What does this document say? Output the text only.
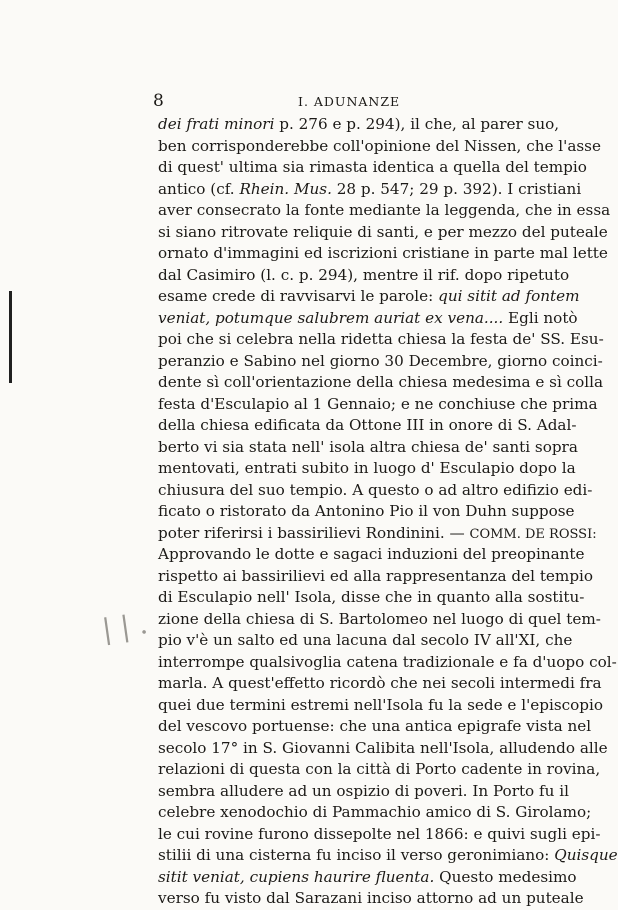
8	I. ADUNANZE
| | .
dei frati minori p. 276 e p. 294), il che, al parer suo,
ben corrisponderebbe coll'opinione del Nissen, che l'asse
di quest' ultima sia rimasta identica a quella del tempio
antico (cf. Rhein. Mus. 28 p. 547; 29 p. 392). I cristiani
aver consecrato la fonte mediante la leggenda, che in essa
si siano ritrovate reliquie di santi, e per mezzo del puteale
ornato d'immagini ed iscrizioni cristiane in parte mal lette
dal Casimiro (l. c. p. 294), mentre il rif. dopo ripetuto
esame crede di ravvisarvi le parole: qui sitit ad fontem
veniat, potumque salubrem auriat ex vena.... Egli notò
poi che si celebra nella ridetta chiesa la festa de' SS. Esu-
peranzio e Sabino nel giorno 30 Decembre, giorno coinci-
dente sì coll'orientazione della chiesa medesima e sì colla
festa d'Esculapio al 1 Gennaio; e ne conchiuse che prima
della chiesa edificata da Ottone III in onore di S. Adal-
berto vi sia stata nell' isola altra chiesa de' santi sopra
mentovati, entrati subito in luogo d' Esculapio dopo la
chiusura del suo tempio. A questo o ad altro edifizio edi-
ficato o ristorato da Antonino Pio il von Duhn suppose
poter riferirsi i bassirilievi Rondinini. — COMM. DE ROSSI:
Approvando le dotte e sagaci induzioni del preopinante
rispetto ai bassirilievi ed alla rappresentanza del tempio
di Esculapio nell' Isola, disse che in quanto alla sostitu-
zione della chiesa di S. Bartolomeo nel luogo di quel tem-
pio v'è un salto ed una lacuna dal secolo IV all'XI, che
interrompe qualsivoglia catena tradizionale e fa d'uopo col-
marla. A quest'effetto ricordò che nei secoli intermedi fra
quei due termini estremi nell'Isola fu la sede e l'episcopio
del vescovo portuense: che una antica epigrafe vista nel
secolo 17° in S. Giovanni Calibita nell'Isola, alludendo alle
relazioni di questa con la città di Porto cadente in rovina,
sembra alludere ad un ospizio di poveri. In Porto fu il
celebre xenodochio di Pammachio amico di S. Girolamo;
le cui rovine furono dissepolte nel 1866: e quivi sugli epi-
stilii di una cisterna fu inciso il verso geronimiano: Quisque
sitit veniat, cupiens haurire fluenta. Questo medesimo
verso fu visto dal Sarazani inciso attorno ad un puteale
